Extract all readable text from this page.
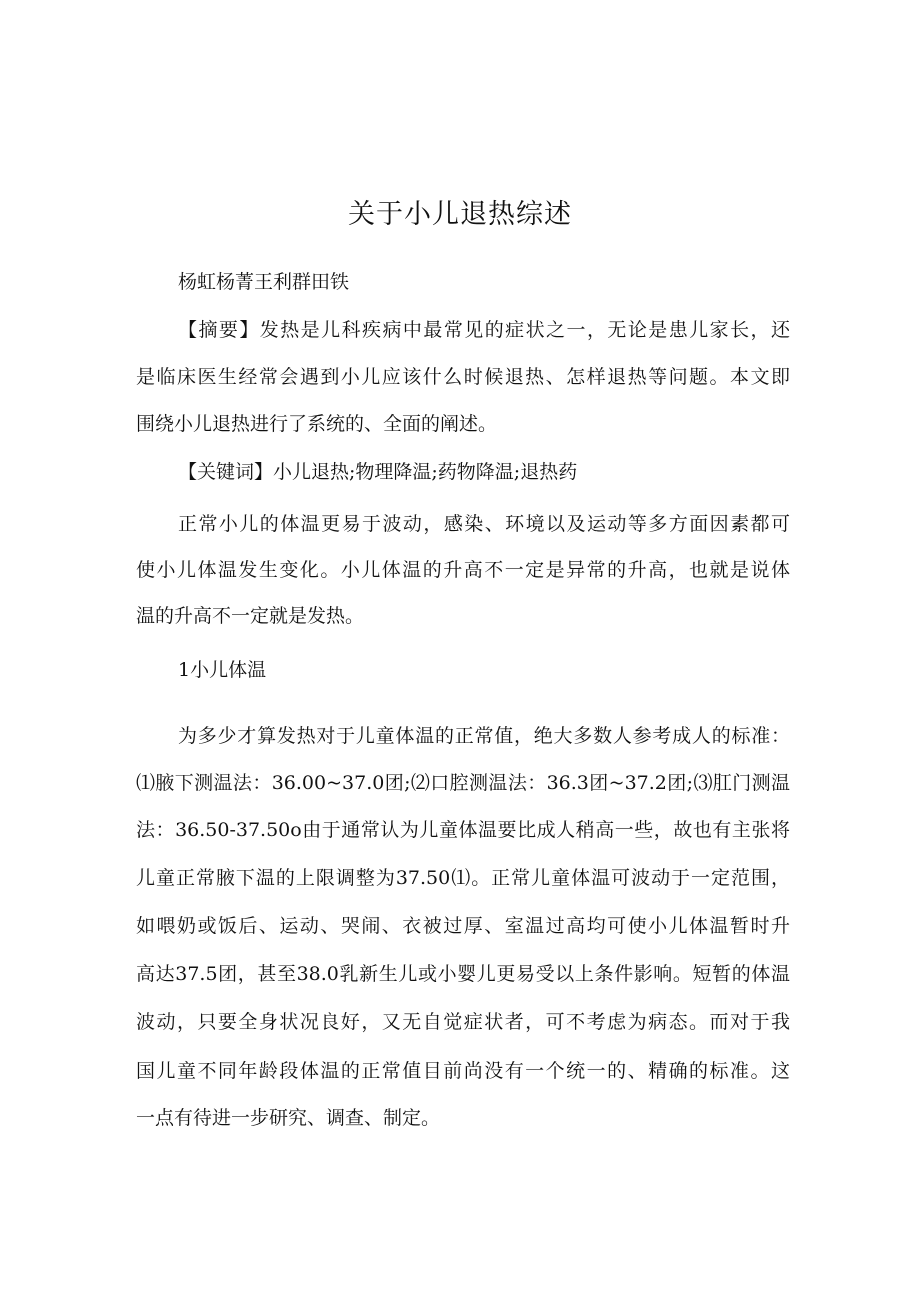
关于小儿退热综述

杨虹杨菁王利群田铁

【摘要】发热是儿科疾病中最常见的症状之一，无论是患儿家长，还

是临床医生经常会遇到小儿应该什么时候退热、怎样退热等问题。本文即

围绕小儿退热进行了系统的、全面的阐述。

【关键词】小儿退热;物理降温;药物降温;退热药

正常小儿的体温更易于波动，感染、环境以及运动等多方面因素都可

使小儿体温发生变化。小儿体温的升高不一定是异常的升高，也就是说体

温的升高不一定就是发热。

1小儿体温

为多少才算发热对于儿童体温的正常值，绝大多数人参考成人的标准：

⑴腋下测温法：36.00~37.0团;⑵口腔测温法：36.3团~37.2团;⑶肛门测温

法：36.50-37.50o由于通常认为儿童体温要比成人稍高一些，故也有主张将

儿童正常腋下温的上限调整为37.50⑴。正常儿童体温可波动于一定范围，

如喂奶或饭后、运动、哭闹、衣被过厚、室温过高均可使小儿体温暂时升

高达37.5团，甚至38.0乳新生儿或小婴儿更易受以上条件影响。短暂的体温

波动，只要全身状况良好，又无自觉症状者，可不考虑为病态。而对于我

国儿童不同年龄段体温的正常值目前尚没有一个统一的、精确的标准。这

一点有待进一步研究、调查、制定。
